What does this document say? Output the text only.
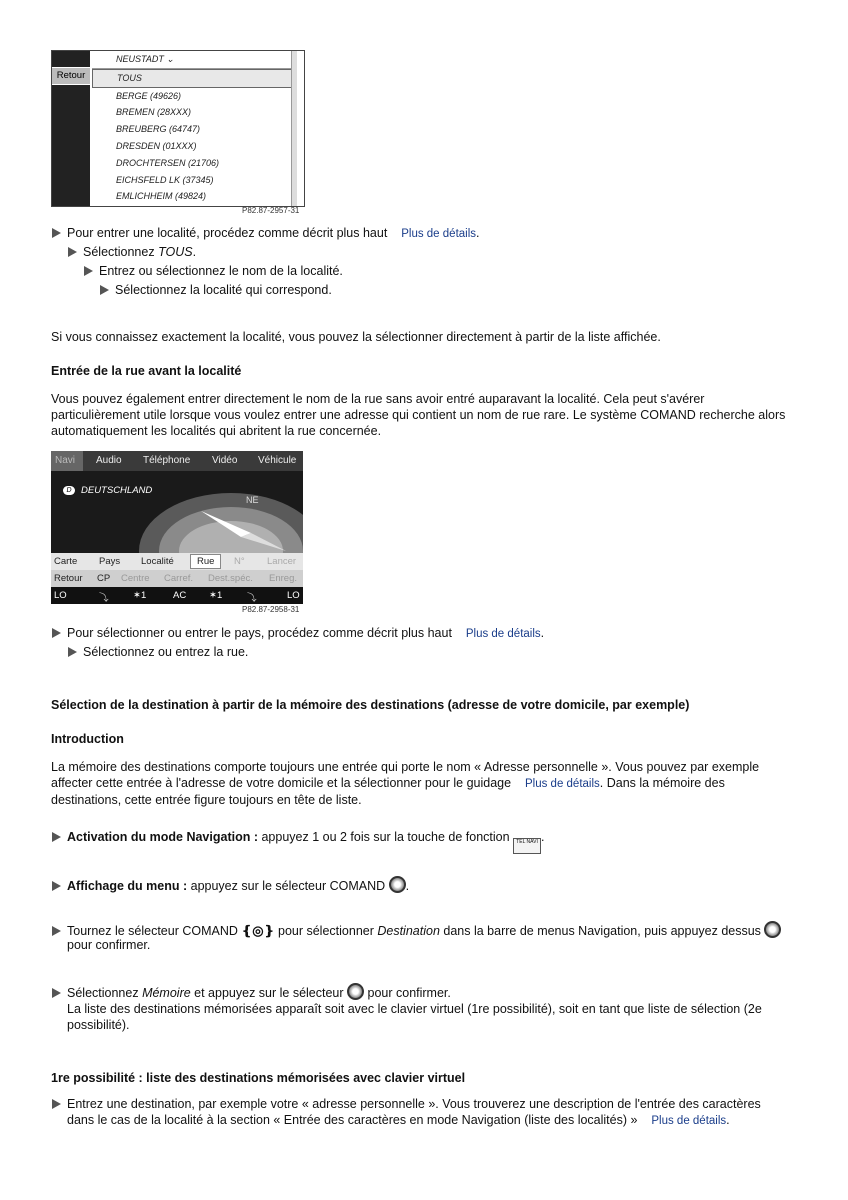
Retour
NEUSTADT ⌄
TOUS
BERGE (49626)
BREMEN (28XXX)
BREUBERG (64747)
DRESDEN (01XXX)
DROCHTERSEN (21706)
EICHSFELD LK (37345)
EMLICHHEIM (49824)
P82.87-2957-31
Pour entrer une localité, procédez comme décrit plus haut Plus de détails.
Sélectionnez TOUS.
Entrez ou sélectionnez le nom de la localité.
Sélectionnez la localité qui correspond.
Si vous connaissez exactement la localité, vous pouvez la sélectionner directement à partir de la liste affichée.
Entrée de la rue avant la localité
Vous pouvez également entrer directement le nom de la rue sans avoir entré auparavant la localité. Cela peut s'avérer particulièrement utile lorsque vous voulez entrer une adresse qui contient un nom de rue rare. Le système COMAND recherche alors automatiquement les localités qui abritent la rue concernée.
Navi Audio Téléphone Vidéo Véhicule
D DEUTSCHLAND
NE
Carte Pays Localité	Rue	N° Lancer
Retour CP Centre Carref. Dest.spéc. Enreg.
LO	⤵	✶1	AC ✶1	⤵	LO
P82.87-2958-31
Pour sélectionner ou entrer le pays, procédez comme décrit plus haut Plus de détails.
Sélectionnez ou entrez la rue.
Sélection de la destination à partir de la mémoire des destinations (adresse de votre domicile, par exemple)
Introduction
La mémoire des destinations comporte toujours une entrée qui porte le nom « Adresse personnelle ». Vous pouvez par exemple affecter cette entrée à l'adresse de votre domicile et la sélectionner pour le guidage Plus de détails. Dans la mémoire des destinations, cette entrée figure toujours en tête de liste.
Activation du mode Navigation : appuyez 1 ou 2 fois sur la touche de fonction TEL NAVI .
Affichage du menu : appuyez sur le sélecteur COMAND .
Tournez le sélecteur COMAND ❴◎❵ pour sélectionner Destination dans la barre de menus Navigation, puis appuyez dessus
pour confirmer.
Sélectionnez Mémoire et appuyez sur le sélecteur  pour confirmer.
La liste des destinations mémorisées apparaît soit avec le clavier virtuel (1re possibilité), soit en tant que liste de sélection (2e possibilité).
1re possibilité : liste des destinations mémorisées avec clavier virtuel
Entrez une destination, par exemple votre « adresse personnelle ». Vous trouverez une description de l'entrée des caractères dans le cas de la localité à la section « Entrée des caractères en mode Navigation (liste des localités) » Plus de détails.
